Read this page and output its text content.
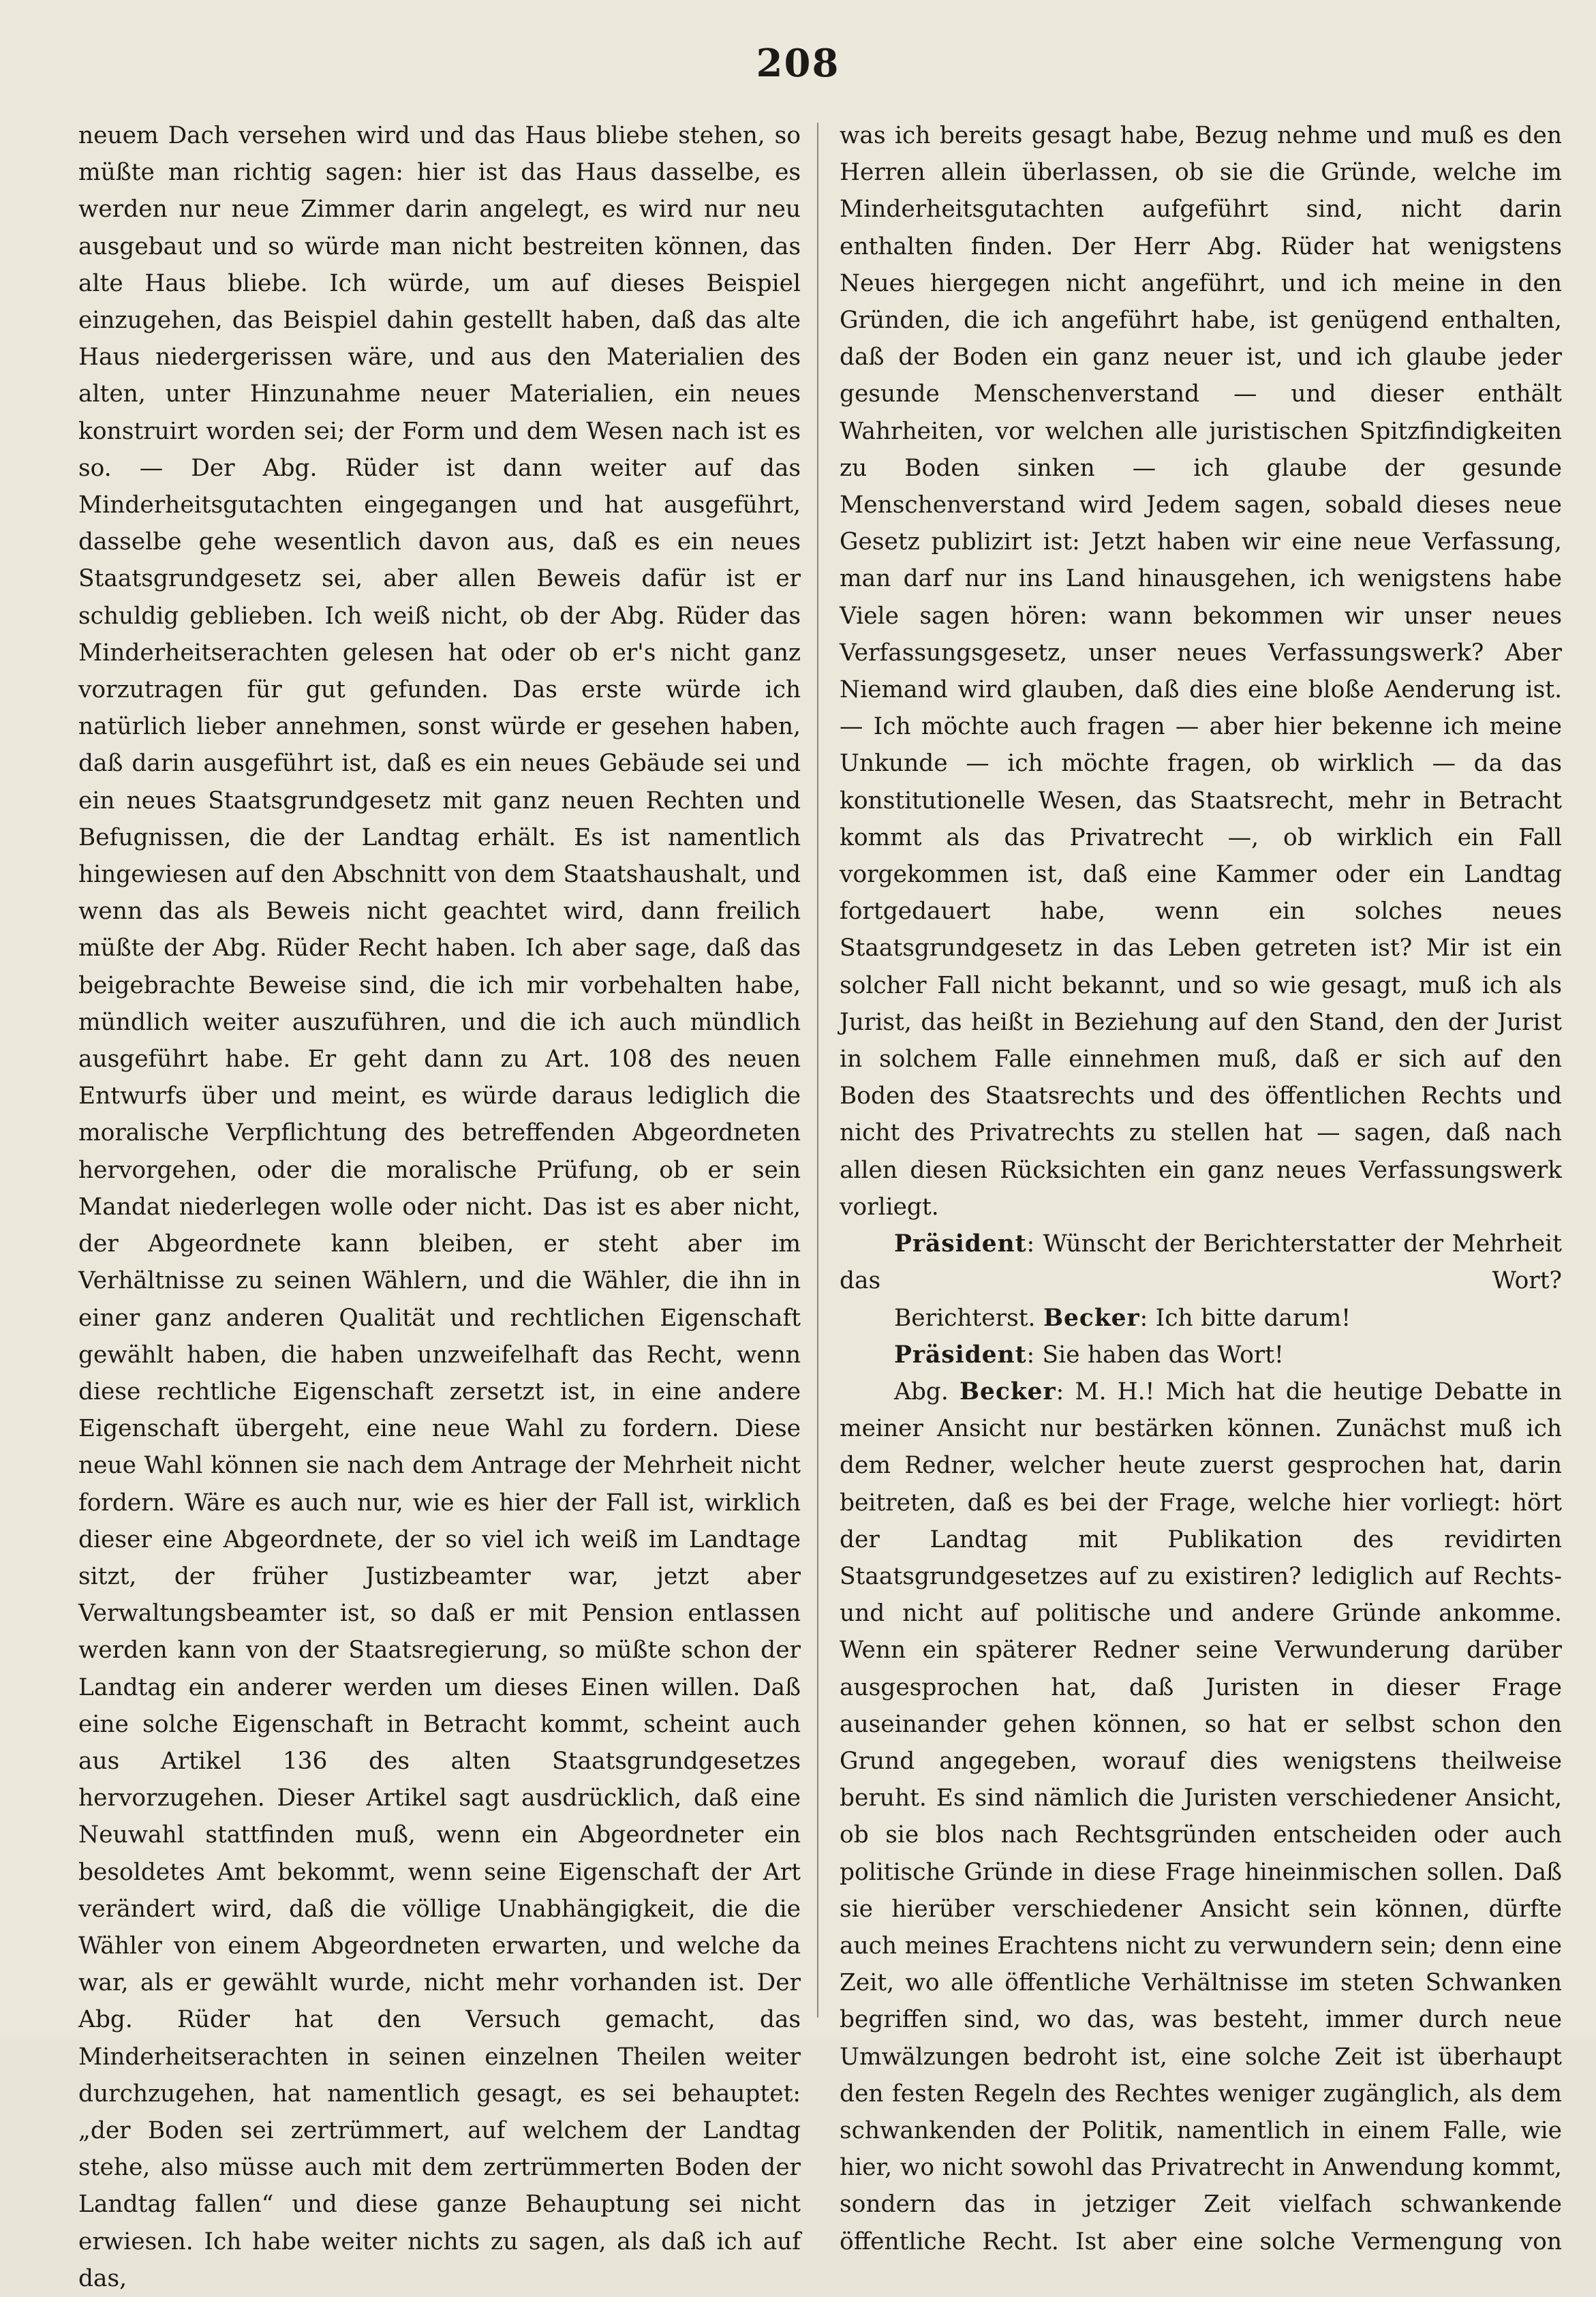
208

neuem Dach versehen wird und das Haus bliebe stehen, so müßte man richtig sagen: hier ist das Haus dasselbe, es werden nur neue Zimmer darin angelegt, es wird nur neu ausgebaut und so würde man nicht bestreiten können, das alte Haus bliebe. Ich würde, um auf dieses Beispiel einzugehen, das Beispiel dahin gestellt haben, daß das alte Haus niedergerissen wäre, und aus den Materialien des alten, unter Hinzunahme neuer Materialien, ein neues konstruirt worden sei; der Form und dem Wesen nach ist es so. — Der Abg. Rüder ist dann weiter auf das Minderheitsgutachten eingegangen und hat ausgeführt, dasselbe gehe wesentlich davon aus, daß es ein neues Staatsgrundgesetz sei, aber allen Beweis dafür ist er schuldig geblieben. Ich weiß nicht, ob der Abg. Rüder das Minderheitserachten gelesen hat oder ob er's nicht ganz vorzutragen für gut gefunden. Das erste würde ich natürlich lieber annehmen, sonst würde er gesehen haben, daß darin ausgeführt ist, daß es ein neues Gebäude sei und ein neues Staatsgrundgesetz mit ganz neuen Rechten und Befugnissen, die der Landtag erhält. Es ist namentlich hingewiesen auf den Abschnitt von dem Staatshaushalt, und wenn das als Beweis nicht geachtet wird, dann freilich müßte der Abg. Rüder Recht haben. Ich aber sage, daß das beigebrachte Beweise sind, die ich mir vorbehalten habe, mündlich weiter auszuführen, und die ich auch mündlich ausgeführt habe. Er geht dann zu Art. 108 des neuen Entwurfs über und meint, es würde daraus lediglich die moralische Verpflichtung des betreffenden Abgeordneten hervorgehen, oder die moralische Prüfung, ob er sein Mandat niederlegen wolle oder nicht. Das ist es aber nicht, der Abgeordnete kann bleiben, er steht aber im Verhältnisse zu seinen Wählern, und die Wähler, die ihn in einer ganz anderen Qualität und rechtlichen Eigenschaft gewählt haben, die haben unzweifelhaft das Recht, wenn diese rechtliche Eigenschaft zersetzt ist, in eine andere Eigenschaft übergeht, eine neue Wahl zu fordern. Diese neue Wahl können sie nach dem Antrage der Mehrheit nicht fordern. Wäre es auch nur, wie es hier der Fall ist, wirklich dieser eine Abgeordnete, der so viel ich weiß im Landtage sitzt, der früher Justizbeamter war, jetzt aber Verwaltungsbeamter ist, so daß er mit Pension entlassen werden kann von der Staatsregierung, so müßte schon der Landtag ein anderer werden um dieses Einen willen. Daß eine solche Eigenschaft in Betracht kommt, scheint auch aus Artikel 136 des alten Staatsgrundgesetzes hervorzugehen. Dieser Artikel sagt ausdrücklich, daß eine Neuwahl stattfinden muß, wenn ein Abgeordneter ein besoldetes Amt bekommt, wenn seine Eigenschaft der Art verändert wird, daß die völlige Unabhängigkeit, die die Wähler von einem Abgeordneten erwarten, und welche da war, als er gewählt wurde, nicht mehr vorhanden ist. Der Abg. Rüder hat den Versuch gemacht, das Minderheitserachten in seinen einzelnen Theilen weiter durchzugehen, hat namentlich gesagt, es sei behauptet: „der Boden sei zertrümmert, auf welchem der Landtag stehe, also müsse auch mit dem zertrümmerten Boden der Landtag fallen“ und diese ganze Behauptung sei nicht erwiesen. Ich habe weiter nichts zu sagen, als daß ich auf das,

was ich bereits gesagt habe, Bezug nehme und muß es den Herren allein überlassen, ob sie die Gründe, welche im Minderheitsgutachten aufgeführt sind, nicht darin enthalten finden. Der Herr Abg. Rüder hat wenigstens Neues hiergegen nicht angeführt, und ich meine in den Gründen, die ich angeführt habe, ist genügend enthalten, daß der Boden ein ganz neuer ist, und ich glaube jeder gesunde Menschenverstand — und dieser enthält Wahrheiten, vor welchen alle juristischen Spitzfindigkeiten zu Boden sinken — ich glaube der gesunde Menschenverstand wird Jedem sagen, sobald dieses neue Gesetz publizirt ist: Jetzt haben wir eine neue Verfassung, man darf nur ins Land hinausgehen, ich wenigstens habe Viele sagen hören: wann bekommen wir unser neues Verfassungsgesetz, unser neues Verfassungswerk? Aber Niemand wird glauben, daß dies eine bloße Aenderung ist. — Ich möchte auch fragen — aber hier bekenne ich meine Unkunde — ich möchte fragen, ob wirklich — da das konstitutionelle Wesen, das Staatsrecht, mehr in Betracht kommt als das Privatrecht —, ob wirklich ein Fall vorgekommen ist, daß eine Kammer oder ein Landtag fortgedauert habe, wenn ein solches neues Staatsgrundgesetz in das Leben getreten ist? Mir ist ein solcher Fall nicht bekannt, und so wie gesagt, muß ich als Jurist, das heißt in Beziehung auf den Stand, den der Jurist in solchem Falle einnehmen muß, daß er sich auf den Boden des Staatsrechts und des öffentlichen Rechts und nicht des Privatrechts zu stellen hat — sagen, daß nach allen diesen Rücksichten ein ganz neues Verfassungswerk vorliegt.

Präsident: Wünscht der Berichterstatter der Mehrheit das Wort?

Berichterst. Becker: Ich bitte darum!

Präsident: Sie haben das Wort!

Abg. Becker: M. H.! Mich hat die heutige Debatte in meiner Ansicht nur bestärken können. Zunächst muß ich dem Redner, welcher heute zuerst gesprochen hat, darin beitreten, daß es bei der Frage, welche hier vorliegt: hört der Landtag mit Publikation des revidirten Staatsgrundgesetzes auf zu existiren? lediglich auf Rechts- und nicht auf politische und andere Gründe ankomme. Wenn ein späterer Redner seine Verwunderung darüber ausgesprochen hat, daß Juristen in dieser Frage auseinander gehen können, so hat er selbst schon den Grund angegeben, worauf dies wenigstens theilweise beruht. Es sind nämlich die Juristen verschiedener Ansicht, ob sie blos nach Rechtsgründen entscheiden oder auch politische Gründe in diese Frage hineinmischen sollen. Daß sie hierüber verschiedener Ansicht sein können, dürfte auch meines Erachtens nicht zu verwundern sein; denn eine Zeit, wo alle öffentliche Verhältnisse im steten Schwanken begriffen sind, wo das, was besteht, immer durch neue Umwälzungen bedroht ist, eine solche Zeit ist überhaupt den festen Regeln des Rechtes weniger zugänglich, als dem schwankenden der Politik, namentlich in einem Falle, wie hier, wo nicht sowohl das Privatrecht in Anwendung kommt, sondern das in jetziger Zeit vielfach schwankende öffentliche Recht. Ist aber eine solche Vermengung von
